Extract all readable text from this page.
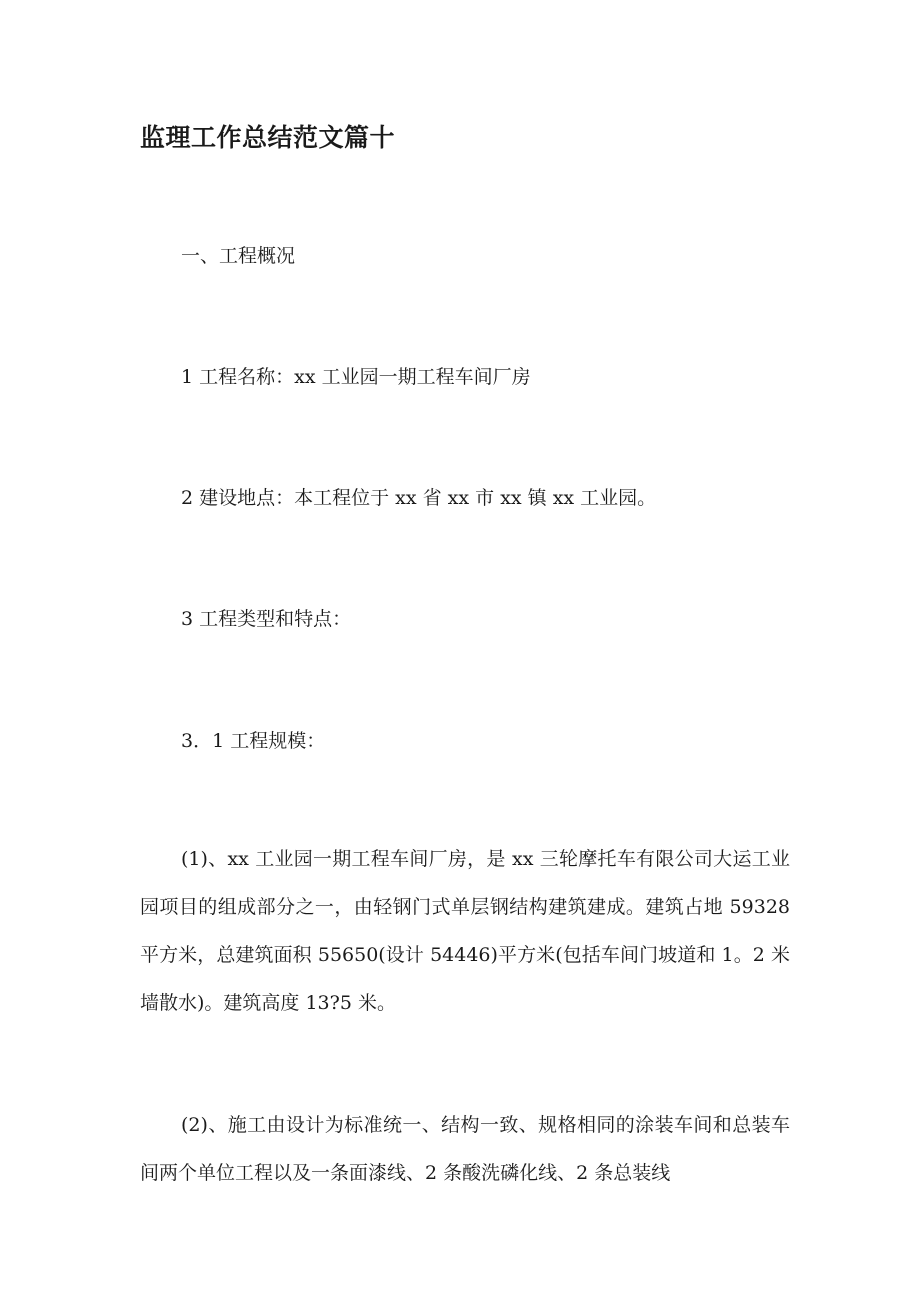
监理工作总结范文篇十

一、工程概况

1 工程名称：xx 工业园一期工程车间厂房

2 建设地点：本工程位于 xx 省 xx 市 xx 镇 xx 工业园。

3 工程类型和特点：

3．1 工程规模：

(1)、xx 工业园一期工程车间厂房，是 xx 三轮摩托车有限公司大运工业园项目的组成部分之一，由轻钢门式单层钢结构建筑建成。建筑占地 59328 平方米，总建筑面积 55650(设计 54446)平方米(包括车间门坡道和 1。2 米墙散水)。建筑高度 13?5 米。

(2)、施工由设计为标准统一、结构一致、规格相同的涂装车间和总装车间两个单位工程以及一条面漆线、2 条酸洗磷化线、2 条总装线
